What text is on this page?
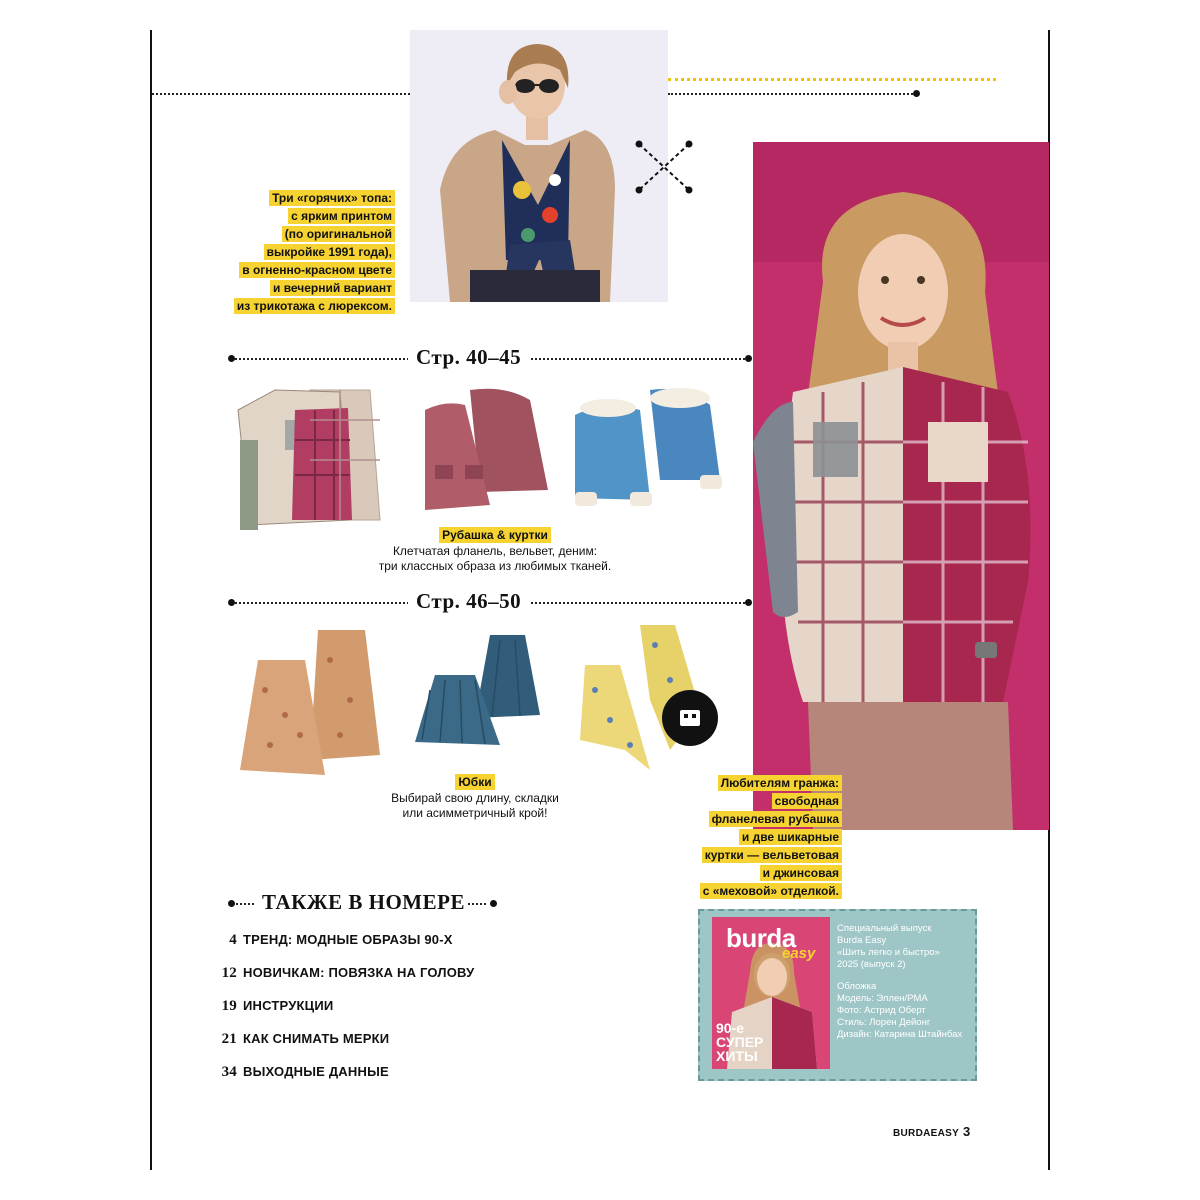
Три «горячих» топа:
с ярким принтом
(по оригинальной
выкройке 1991 года),
в огненно-красном цвете
и вечерний вариант
из трикотажа с люрексом.
Стр. 40–45
Рубашка & куртки
Клетчатая фланель, вельвет, деним:
три классных образа из любимых тканей.
Стр. 46–50
Юбки
Выбирай свою длину, складки
или асимметричный крой!
Любителям гранжа:
свободная
фланелевая рубашка
и две шикарные
куртки — вельветовая
и джинсовая
с «меховой» отделкой.
ТАКЖЕ В НОМЕРЕ
4 ТРЕНД: МОДНЫЕ ОБРАЗЫ 90-Х
12 НОВИЧКАМ: ПОВЯЗКА НА ГОЛОВУ
19 ИНСТРУКЦИИ
21 КАК СНИМАТЬ МЕРКИ
34 ВЫХОДНЫЕ ДАННЫЕ
burda
easy
90-е
СУПЕР
ХИТЫ
Специальный выпуск
Burda Easy
«Шить легко и быстро»
2025 (выпуск 2)
Обложка
Модель: Эллен/PMA
Фото: Астрид Оберт
Стиль: Лорен Дейонг
Дизайн: Катарина Штайнбах
BURDAEASY 3
